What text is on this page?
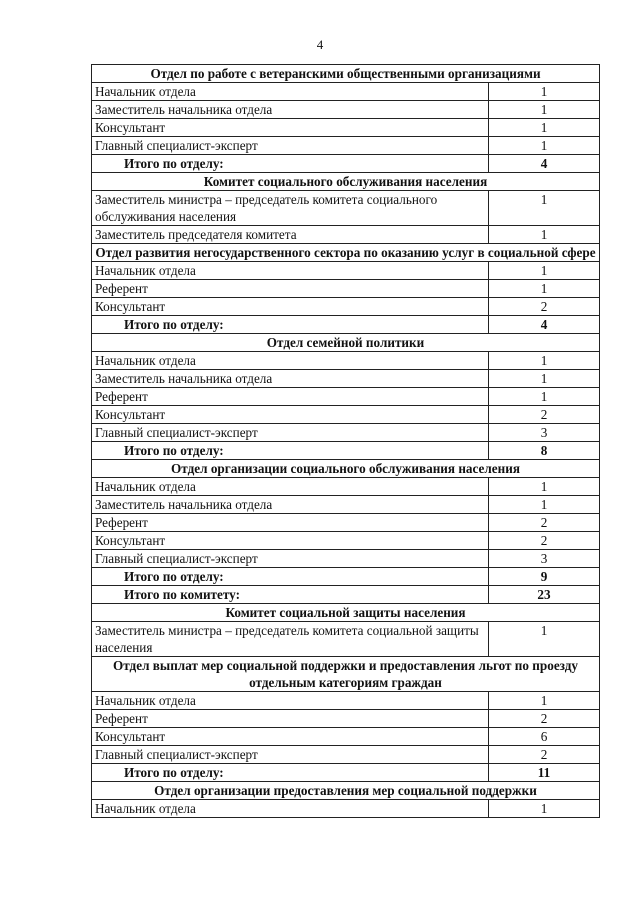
4
Отдел по работе с ветеранскими общественными организациями	
Начальник отдела	1
Заместитель начальника отдела	1
Консультант	1
Главный специалист-эксперт	1
Итого по отделу:	4
Комитет социального обслуживания населения	
Заместитель министра – председатель комитета социального обслуживания населения	1
Заместитель председателя комитета	1
Отдел развития негосударственного сектора по оказанию услуг в социальной сфере	
Начальник отдела	1
Референт	1
Консультант	2
Итого по отделу:	4
Отдел семейной политики	
Начальник отдела	1
Заместитель начальника отдела	1
Референт	1
Консультант	2
Главный специалист-эксперт	3
Итого по отделу:	8
Отдел организации социального обслуживания населения	
Начальник отдела	1
Заместитель начальника отдела	1
Референт	2
Консультант	2
Главный специалист-эксперт	3
Итого по отделу:	9
Итого по комитету:	23
Комитет социальной защиты населения	
Заместитель министра – председатель комитета социальной защиты населения	1
Отдел выплат мер социальной поддержки и предоставления льгот по проезду отдельным категориям граждан	
Начальник отдела	1
Референт	2
Консультант	6
Главный специалист-эксперт	2
Итого по отделу:	11
Отдел организации предоставления мер социальной поддержки	
Начальник отдела	1
